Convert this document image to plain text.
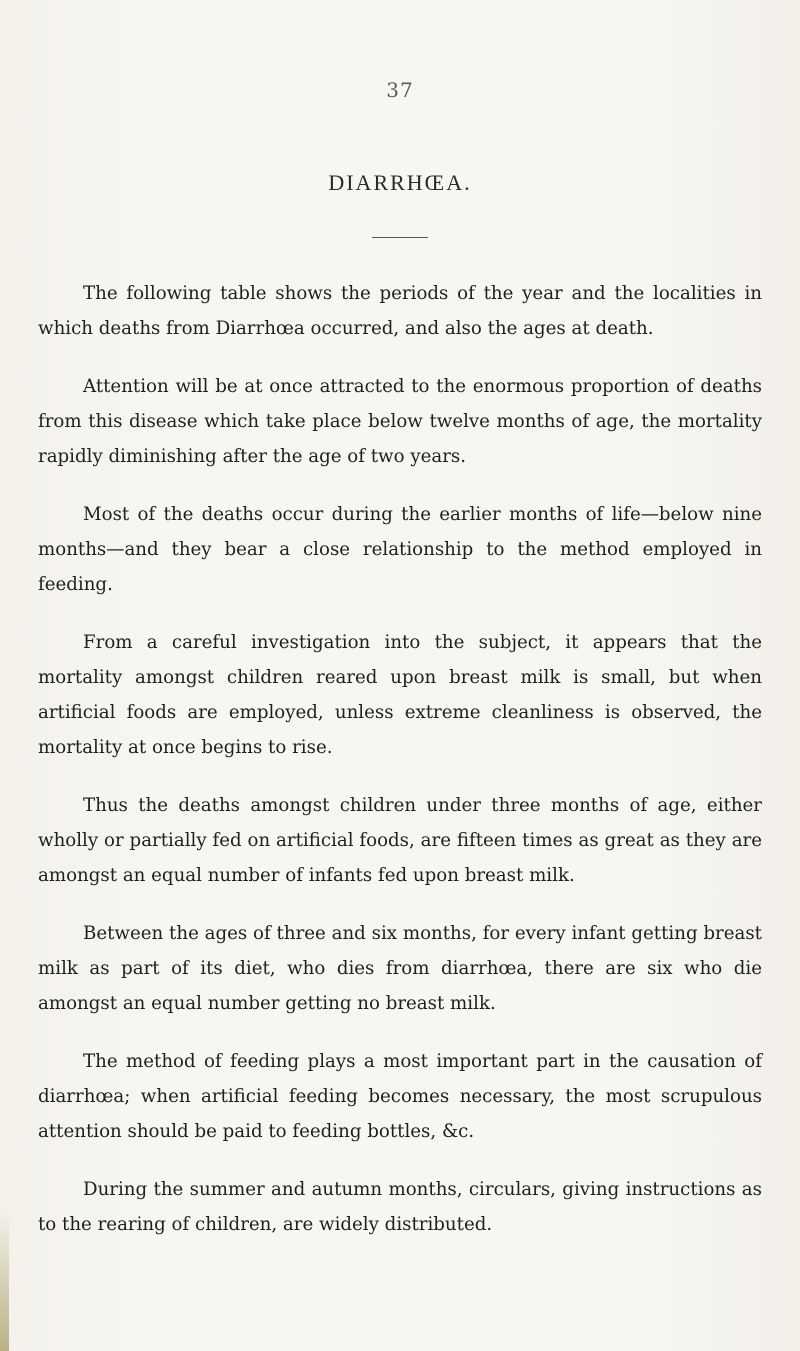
37
DIARRHŒA.

The following table shows the periods of the year and the localities in which deaths from Diarrhœa occurred, and also the ages at death.

Attention will be at once attracted to the enormous proportion of deaths from this disease which take place below twelve months of age, the mortality rapidly diminishing after the age of two years.

Most of the deaths occur during the earlier months of life—below nine months—and they bear a close relationship to the method employed in feeding.

From a careful investigation into the subject, it appears that the mortality amongst children reared upon breast milk is small, but when artificial foods are employed, unless extreme cleanliness is observed, the mortality at once begins to rise.

Thus the deaths amongst children under three months of age, either wholly or partially fed on artificial foods, are fifteen times as great as they are amongst an equal number of infants fed upon breast milk.

Between the ages of three and six months, for every infant getting breast milk as part of its diet, who dies from diarrhœa, there are six who die amongst an equal number getting no breast milk.

The method of feeding plays a most important part in the causation of diarrhœa; when artificial feeding becomes necessary, the most scrupulous attention should be paid to feeding bottles, &c.

During the summer and autumn months, circulars, giving instructions as to the rearing of children, are widely distributed.
